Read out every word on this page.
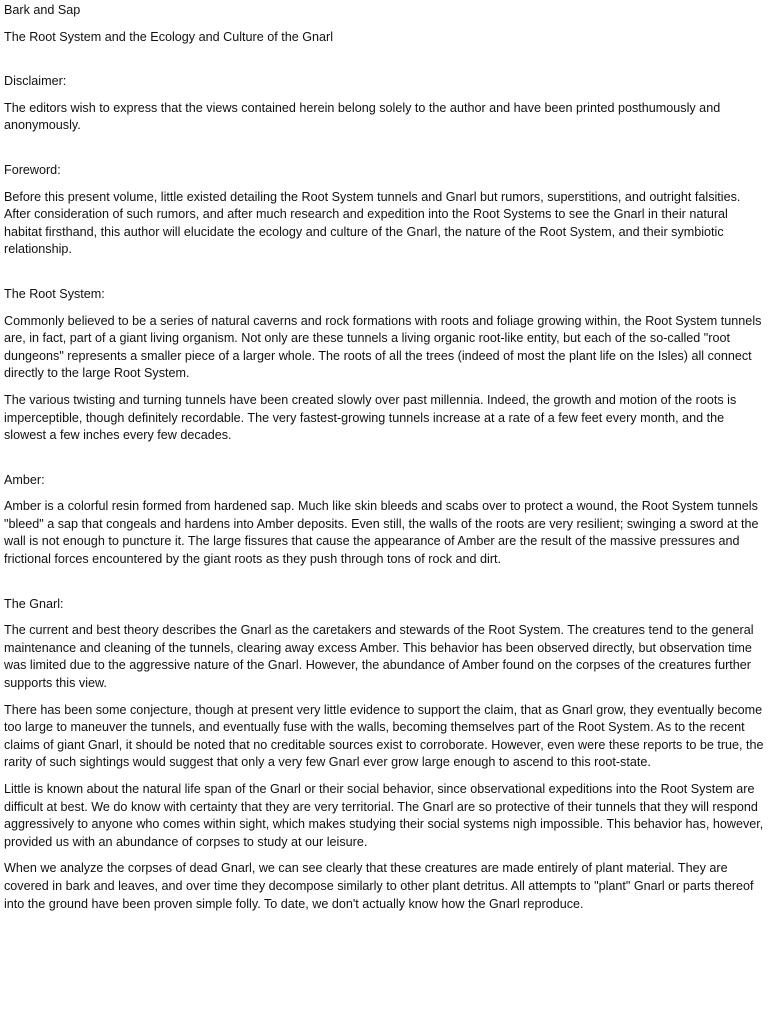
Bark and Sap

The Root System and the Ecology and Culture of the Gnarl

Disclaimer:

The editors wish to express that the views contained herein belong solely to the author and have been printed posthumously and anonymously.

Foreword:

Before this present volume, little existed detailing the Root System tunnels and Gnarl but rumors, superstitions, and outright falsities. After consideration of such rumors, and after much research and expedition into the Root Systems to see the Gnarl in their natural habitat firsthand, this author will elucidate the ecology and culture of the Gnarl, the nature of the Root System, and their symbiotic relationship.

The Root System:

Commonly believed to be a series of natural caverns and rock formations with roots and foliage growing within, the Root System tunnels are, in fact, part of a giant living organism. Not only are these tunnels a living organic root-like entity, but each of the so-called "root dungeons" represents a smaller piece of a larger whole. The roots of all the trees (indeed of most the plant life on the Isles) all connect directly to the large Root System.

The various twisting and turning tunnels have been created slowly over past millennia. Indeed, the growth and motion of the roots is imperceptible, though definitely recordable. The very fastest-growing tunnels increase at a rate of a few feet every month, and the slowest a few inches every few decades.

Amber:

Amber is a colorful resin formed from hardened sap. Much like skin bleeds and scabs over to protect a wound, the Root System tunnels "bleed" a sap that congeals and hardens into Amber deposits. Even still, the walls of the roots are very resilient; swinging a sword at the wall is not enough to puncture it. The large fissures that cause the appearance of Amber are the result of the massive pressures and frictional forces encountered by the giant roots as they push through tons of rock and dirt.

The Gnarl:

The current and best theory describes the Gnarl as the caretakers and stewards of the Root System. The creatures tend to the general maintenance and cleaning of the tunnels, clearing away excess Amber. This behavior has been observed directly, but observation time was limited due to the aggressive nature of the Gnarl. However, the abundance of Amber found on the corpses of the creatures further supports this view.

There has been some conjecture, though at present very little evidence to support the claim, that as Gnarl grow, they eventually become too large to maneuver the tunnels, and eventually fuse with the walls, becoming themselves part of the Root System. As to the recent claims of giant Gnarl, it should be noted that no creditable sources exist to corroborate. However, even were these reports to be true, the rarity of such sightings would suggest that only a very few Gnarl ever grow large enough to ascend to this root-state.

Little is known about the natural life span of the Gnarl or their social behavior, since observational expeditions into the Root System are difficult at best. We do know with certainty that they are very territorial. The Gnarl are so protective of their tunnels that they will respond aggressively to anyone who comes within sight, which makes studying their social systems nigh impossible. This behavior has, however, provided us with an abundance of corpses to study at our leisure.

When we analyze the corpses of dead Gnarl, we can see clearly that these creatures are made entirely of plant material. They are covered in bark and leaves, and over time they decompose similarly to other plant detritus. All attempts to "plant" Gnarl or parts thereof into the ground have been proven simple folly. To date, we don't actually know how the Gnarl reproduce.
